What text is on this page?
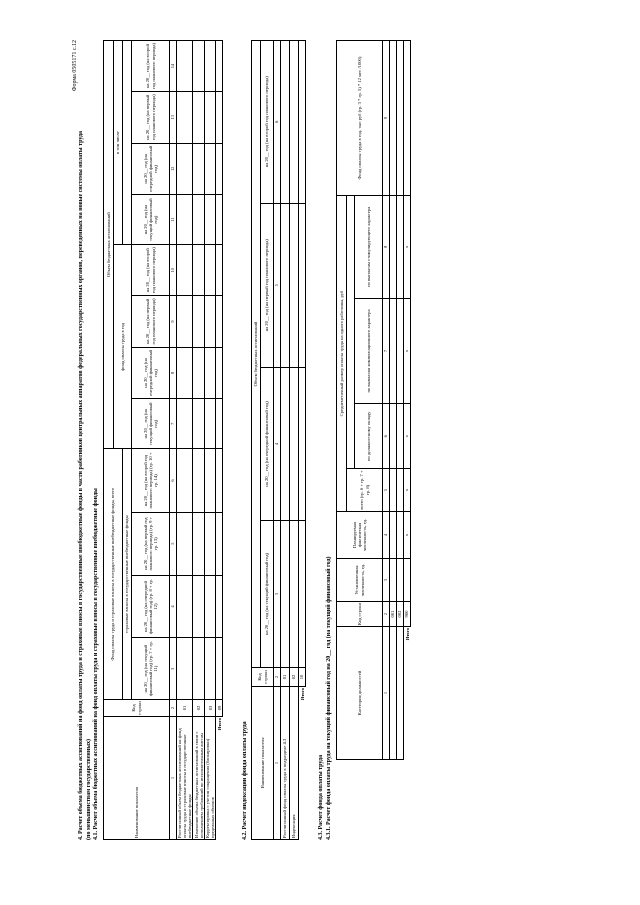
4. Расчет объема бюджетных ассигнований на фонд оплаты труда и страховые взносы в государственные внебюджетные фонды в части работников центральных аппаратов федеральных государственных органов, переведенных на новые системы оплаты труда (по меньшинствам государственных) 4.1. Расчет объема бюджетных ассигнований на фонд оплаты труда и страховые взносы в государственные внебюджетные фонды
Форма 0505171 с.12
Наименование показателя	Код строки	Фонд оплаты труда и страховые взносы в государственные внебюджетные фонды, всего				Объем бюджетных ассигнований							
						фонд оплаты труда в год				в том числе			
		страховые взносы в государственные внебюджетные фонды											
		на 20__ год (на текущий финансовый год) (гр. 7 + гр. 11)	на 20__ год (на очередной финансовый год) (гр. 8 + гр. 12)	на 20__ год (на первый год планового периода) (гр. 9 + гр. 13)	на 20__ год (на второй год планового периода) (гр. 10 + гр. 14)	на 20__ год (на текущий финансовый год)	на 20__ год (на очередной финансовый год)	на 20__ год (на первый год планового периода)	на 20__ год (на второй год планового периода)	на 20__ год (на текущий финансовый год)	на 20__ год (на очередной финансовый год)	на 20__ год (на первый год планового периода)	на 20__ год (на второй год планового периода)
1	2	3	4	5	6	7	8	9	10	11	12	13	14
Рассчитанный объем бюджетных ассигнований на фонд оплаты труда и страховые взносы в государственные внебюджетные фонды	01												
Изменение объема бюджетных ассигнований в связи с исполнением требований по исполнительным листам	02												
Корректировка с учетом сокращения (блокировки) предельных объемов	03												
Итого	09												
4.2. Расчет индексации фонда оплаты труда	Наименование показателя	Код строки	Объем бюджетных ассигнований			
		на 20__ год (на текущий финансовый год)	на 20__ год (на очередной финансовый год)	на 20__ год (на первый год планового периода)	на 20__ год (на второй год планового периода)
1	2	3	4	5	6
Рассчитанный фонд оплаты труда в подразделе 4.3	01				
Индексация	02				
Итого	10				
4.3. Расчет фонда оплаты труда 4.3.1. Расчет фонда оплаты труда на текущий финансовый год на 20__ год (на текущий финансовый год)	Категория должностей	Код строки	Установленная численность, ед.	Планируемая фактическая численность, ед.	Среднемесячный размер оплаты труда на одного работника, руб				Фонд оплаты труда в год, тыс руб (гр. 3 * гр. 5) * 12 мес /1000)
				всего (гр. 6 + гр. 7 + гр. 8)				
					по должностному окладу	по выплатам компенсационного характера	по выплатам стимулирующего характера	
1	2	3	4	5	6	7	8	9
	001							
	002							
Итого	900		x	x	x	x	x	
